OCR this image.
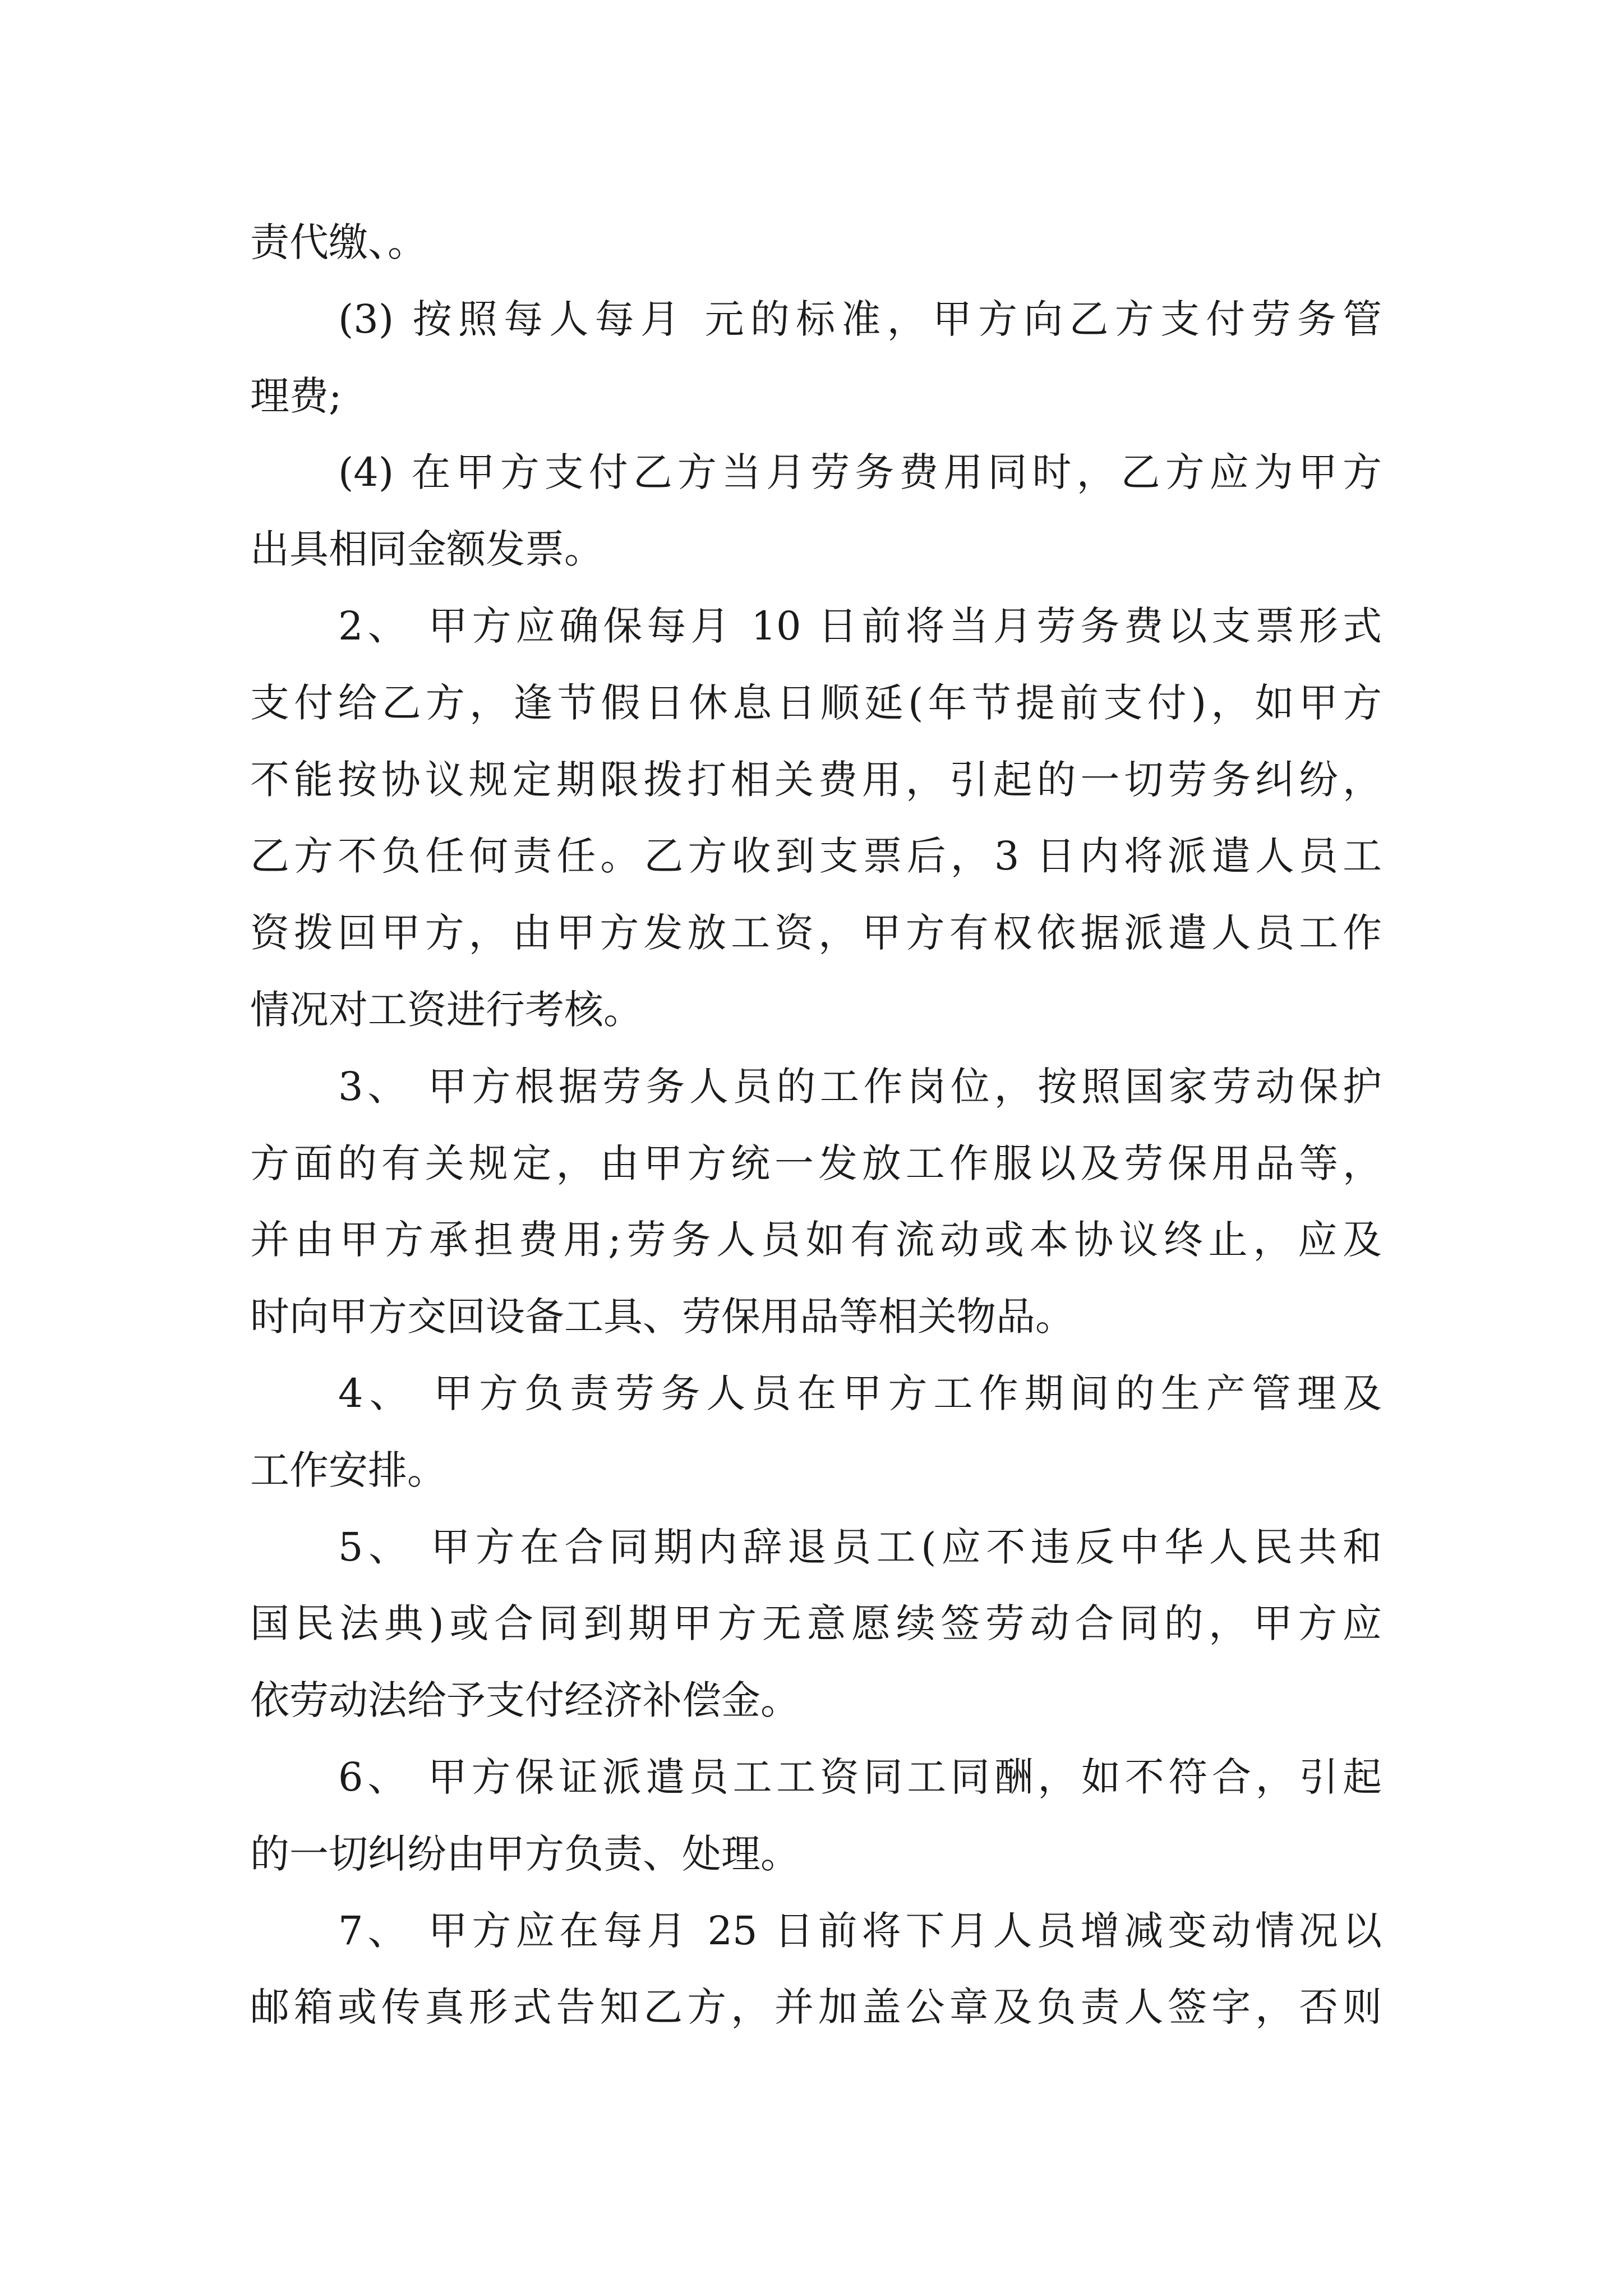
责代缴、。
(3) 按照每人每月 元的标准，甲方向乙方支付劳务管
理费;
(4) 在甲方支付乙方当月劳务费用同时，乙方应为甲方
出具相同金额发票。
2、 甲方应确保每月 10 日前将当月劳务费以支票形式
支付给乙方，逢节假日休息日顺延(年节提前支付)，如甲方
不能按协议规定期限拨打相关费用，引起的一切劳务纠纷，
乙方不负任何责任。乙方收到支票后，3 日内将派遣人员工
资拨回甲方，由甲方发放工资，甲方有权依据派遣人员工作
情况对工资进行考核。
3、 甲方根据劳务人员的工作岗位，按照国家劳动保护
方面的有关规定，由甲方统一发放工作服以及劳保用品等，
并由甲方承担费用;劳务人员如有流动或本协议终止，应及
时向甲方交回设备工具、劳保用品等相关物品。
4、 甲方负责劳务人员在甲方工作期间的生产管理及
工作安排。
5、 甲方在合同期内辞退员工(应不违反中华人民共和
国民法典)或合同到期甲方无意愿续签劳动合同的，甲方应
依劳动法给予支付经济补偿金。
6、 甲方保证派遣员工工资同工同酬，如不符合，引起
的一切纠纷由甲方负责、处理。
7、 甲方应在每月 25 日前将下月人员增减变动情况以
邮箱或传真形式告知乙方，并加盖公章及负责人签字，否则
